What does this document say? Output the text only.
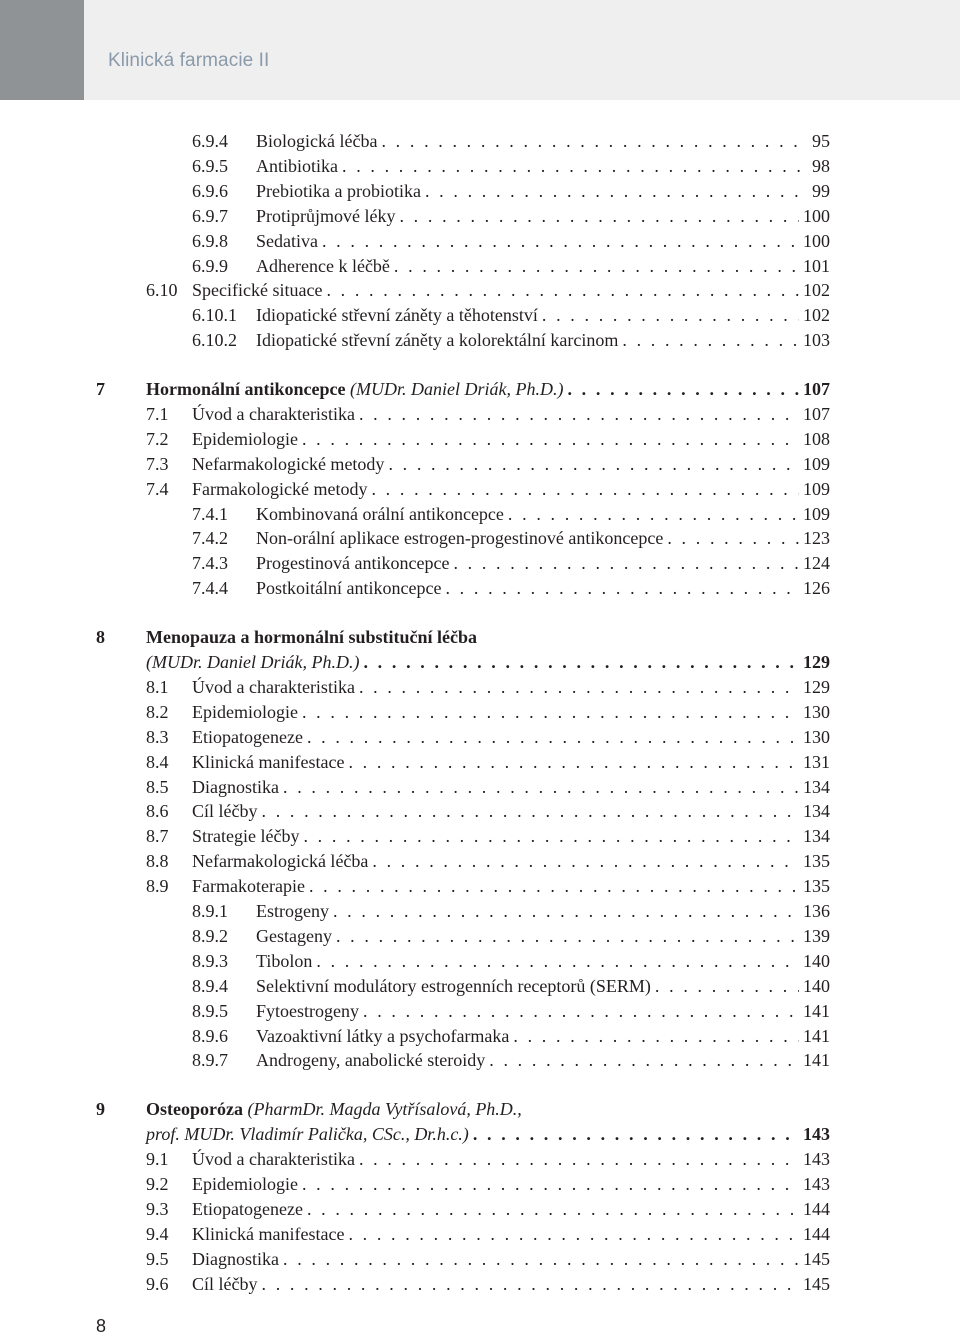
Klinická farmacie II
6.9.4	Biologická léčba . . .	95
6.9.5	Antibiotika . . .	98
6.9.6	Prebiotika a probiotika . . .	99
6.9.7	Protiprůjmové léky . . .	100
6.9.8	Sedativa . . .	100
6.9.9	Adherence k léčbě . . .	101
6.10 Specifické situace . . .	102
6.10.1	Idiopatické střevní záněty a těhotenství . . .	102
6.10.2	Idiopatické střevní záněty a kolorektální karcinom . . .	103
7	Hormonální antikoncepce (MUDr. Daniel Driák, Ph.D.) . . .	107
7.1	Úvod a charakteristika . . .	107
7.2	Epidemiologie . . .	108
7.3	Nefarmakologické metody . . .	109
7.4	Farmakologické metody . . .	109
7.4.1	Kombinovaná orální antikoncepce . . .	109
7.4.2	Non-orální aplikace estrogen-progestinové antikoncepce . . .	123
7.4.3	Progestinová antikoncepce . . .	124
7.4.4	Postkoitální antikoncepce . . .	126
8	Menopauza a hormonální substituční léčba
(MUDr. Daniel Driák, Ph.D.) . . .	129
8.1	Úvod a charakteristika . . .	129
8.2	Epidemiologie . . .	130
8.3	Etiopatogeneze . . .	130
8.4	Klinická manifestace . . .	131
8.5	Diagnostika . . .	134
8.6	Cíl léčby . . .	134
8.7	Strategie léčby . . .	134
8.8	Nefarmakologická léčba . . .	135
8.9	Farmakoterapie . . .	135
8.9.1	Estrogeny . . .	136
8.9.2	Gestageny . . .	139
8.9.3	Tibolon . . .	140
8.9.4	Selektivní modulátory estrogenních receptorů (SERM) . . .	140
8.9.5	Fytoestrogeny . . .	141
8.9.6	Vazoaktivní látky a psychofarmaka . . .	141
8.9.7	Androgeny, anabolické steroidy . . .	141
9	Osteoporóza (PharmDr. Magda Vytřísalová, Ph.D.,
prof. MUDr. Vladimír Palička, CSc., Dr.h.c.) . . .	143
9.1	Úvod a charakteristika . . .	143
9.2	Epidemiologie . . .	143
9.3	Etiopatogeneze . . .	144
9.4	Klinická manifestace . . .	144
9.5	Diagnostika . . .	145
9.6	Cíl léčby . . .	145
8
